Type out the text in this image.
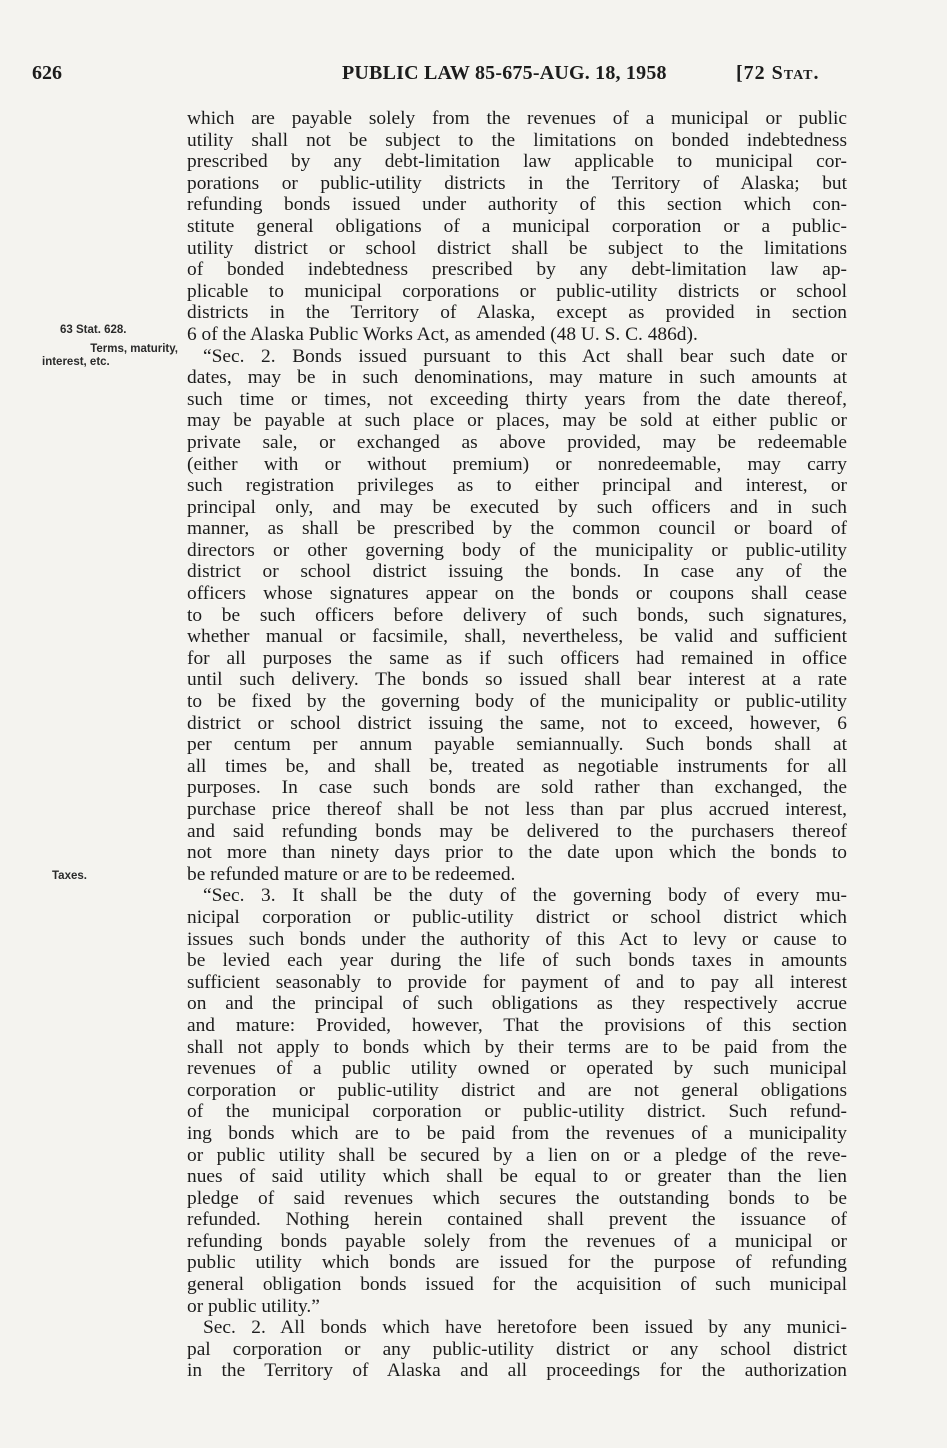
626	PUBLIC LAW 85-675-AUG. 18, 1958	[72 Stat.
63 Stat. 628.
Terms, maturity,
interest, etc.
Taxes.
which are payable solely from the revenues of a municipal or public
utility shall not be subject to the limitations on bonded indebtedness
prescribed by any debt-limitation law applicable to municipal cor-
porations or public-utility districts in the Territory of Alaska; but
refunding bonds issued under authority of this section which con-
stitute general obligations of a municipal corporation or a public-
utility district or school district shall be subject to the limitations
of bonded indebtedness prescribed by any debt-limitation law ap-
plicable to municipal corporations or public-utility districts or school
districts in the Territory of Alaska, except as provided in section
6 of the Alaska Public Works Act, as amended (48 U. S. C. 486d).
“Sec. 2. Bonds issued pursuant to this Act shall bear such date or
dates, may be in such denominations, may mature in such amounts at
such time or times, not exceeding thirty years from the date thereof,
may be payable at such place or places, may be sold at either public or
private sale, or exchanged as above provided, may be redeemable
(either with or without premium) or nonredeemable, may carry
such registration privileges as to either principal and interest, or
principal only, and may be executed by such officers and in such
manner, as shall be prescribed by the common council or board of
directors or other governing body of the municipality or public-utility
district or school district issuing the bonds. In case any of the
officers whose signatures appear on the bonds or coupons shall cease
to be such officers before delivery of such bonds, such signatures,
whether manual or facsimile, shall, nevertheless, be valid and sufficient
for all purposes the same as if such officers had remained in office
until such delivery. The bonds so issued shall bear interest at a rate
to be fixed by the governing body of the municipality or public-utility
district or school district issuing the same, not to exceed, however, 6
per centum per annum payable semiannually. Such bonds shall at
all times be, and shall be, treated as negotiable instruments for all
purposes. In case such bonds are sold rather than exchanged, the
purchase price thereof shall be not less than par plus accrued interest,
and said refunding bonds may be delivered to the purchasers thereof
not more than ninety days prior to the date upon which the bonds to
be refunded mature or are to be redeemed.
“Sec. 3. It shall be the duty of the governing body of every mu-
nicipal corporation or public-utility district or school district which
issues such bonds under the authority of this Act to levy or cause to
be levied each year during the life of such bonds taxes in amounts
sufficient seasonably to provide for payment of and to pay all interest
on and the principal of such obligations as they respectively accrue
and mature: Provided, however, That the provisions of this section
shall not apply to bonds which by their terms are to be paid from the
revenues of a public utility owned or operated by such municipal
corporation or public-utility district and are not general obligations
of the municipal corporation or public-utility district. Such refund-
ing bonds which are to be paid from the revenues of a municipality
or public utility shall be secured by a lien on or a pledge of the reve-
nues of said utility which shall be equal to or greater than the lien
pledge of said revenues which secures the outstanding bonds to be
refunded. Nothing herein contained shall prevent the issuance of
refunding bonds payable solely from the revenues of a municipal or
public utility which bonds are issued for the purpose of refunding
general obligation bonds issued for the acquisition of such municipal
or public utility.”
Sec. 2. All bonds which have heretofore been issued by any munici-
pal corporation or any public-utility district or any school district
in the Territory of Alaska and all proceedings for the authorization
